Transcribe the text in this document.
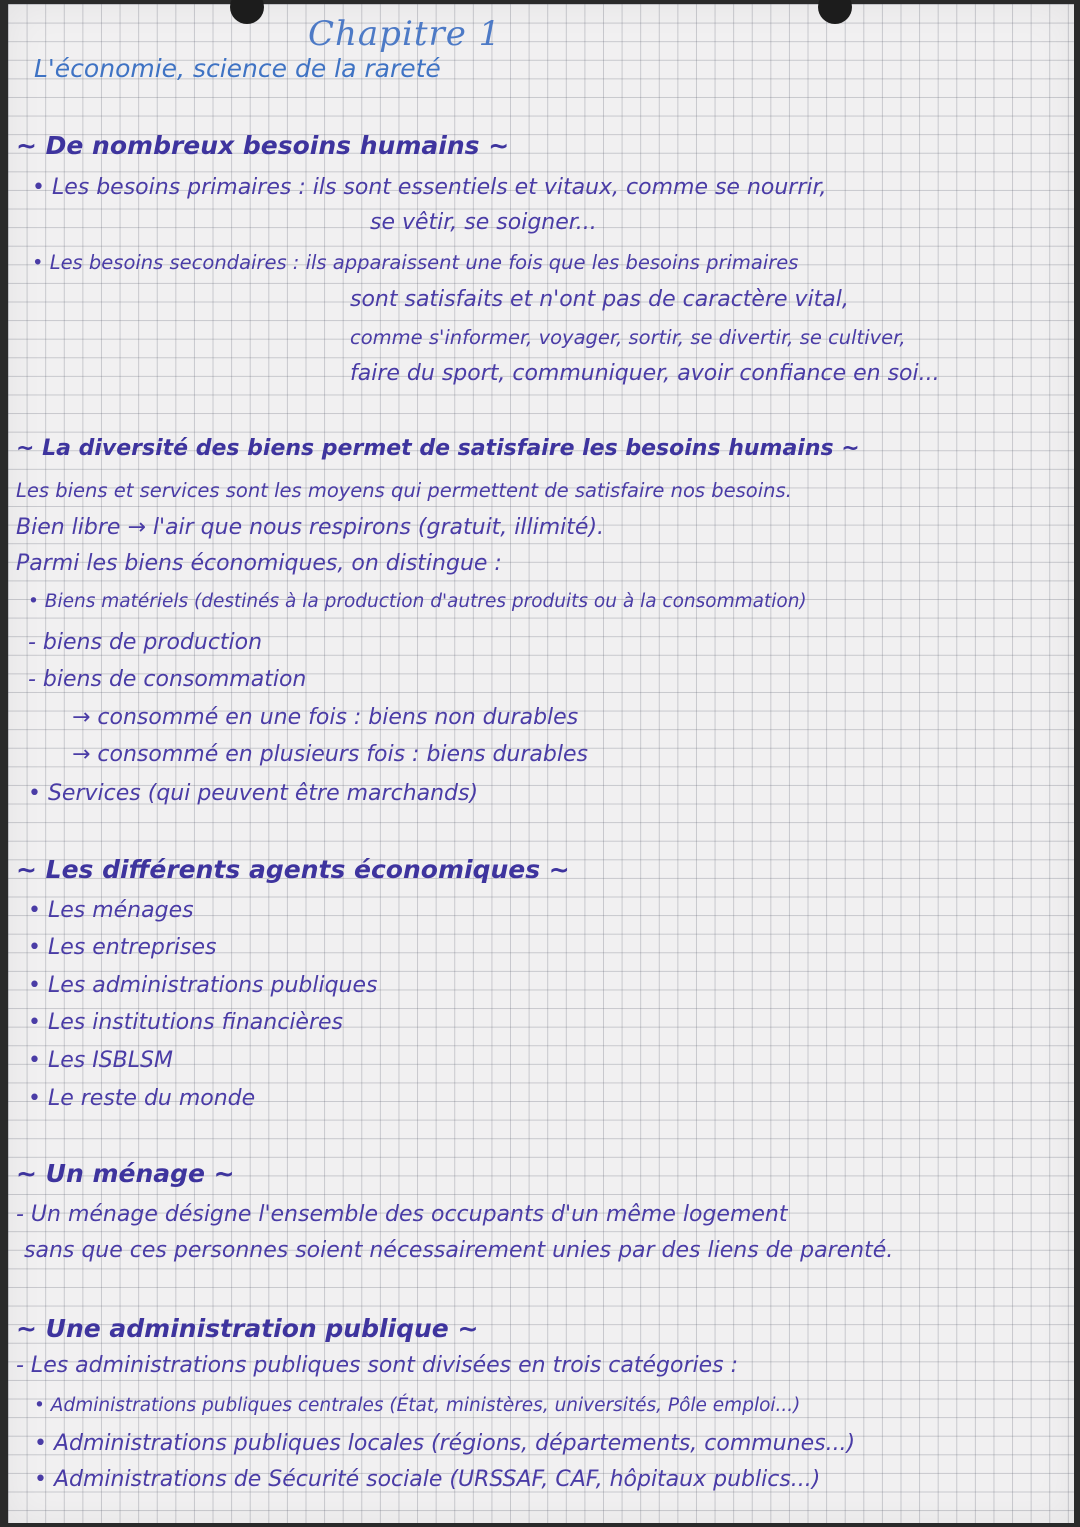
Chapitre 1
L'économie, science de la rareté
~ De nombreux besoins humains ~
• Les besoins primaires : ils sont essentiels et vitaux, comme se nourrir,
se vêtir, se soigner...
• Les besoins secondaires : ils apparaissent une fois que les besoins primaires
sont satisfaits et n'ont pas de caractère vital,
comme s'informer, voyager, sortir, se divertir, se cultiver,
faire du sport, communiquer, avoir confiance en soi...
~ La diversité des biens permet de satisfaire les besoins humains ~
Les biens et services sont les moyens qui permettent de satisfaire nos besoins.
Bien libre → l'air que nous respirons (gratuit, illimité).
Parmi les biens économiques, on distingue :
• Biens matériels (destinés à la production d'autres produits ou à la consommation)
- biens de production
- biens de consommation
→ consommé en une fois : biens non durables
→ consommé en plusieurs fois : biens durables
• Services (qui peuvent être marchands)
~ Les différents agents économiques ~
• Les ménages
• Les entreprises
• Les administrations publiques
• Les institutions financières
• Les ISBLSM
• Le reste du monde
~ Un ménage ~
- Un ménage désigne l'ensemble des occupants d'un même logement
sans que ces personnes soient nécessairement unies par des liens de parenté.
~ Une administration publique ~
- Les administrations publiques sont divisées en trois catégories :
• Administrations publiques centrales (État, ministères, universités, Pôle emploi...)
• Administrations publiques locales (régions, départements, communes...)
• Administrations de Sécurité sociale (URSSAF, CAF, hôpitaux publics...)
